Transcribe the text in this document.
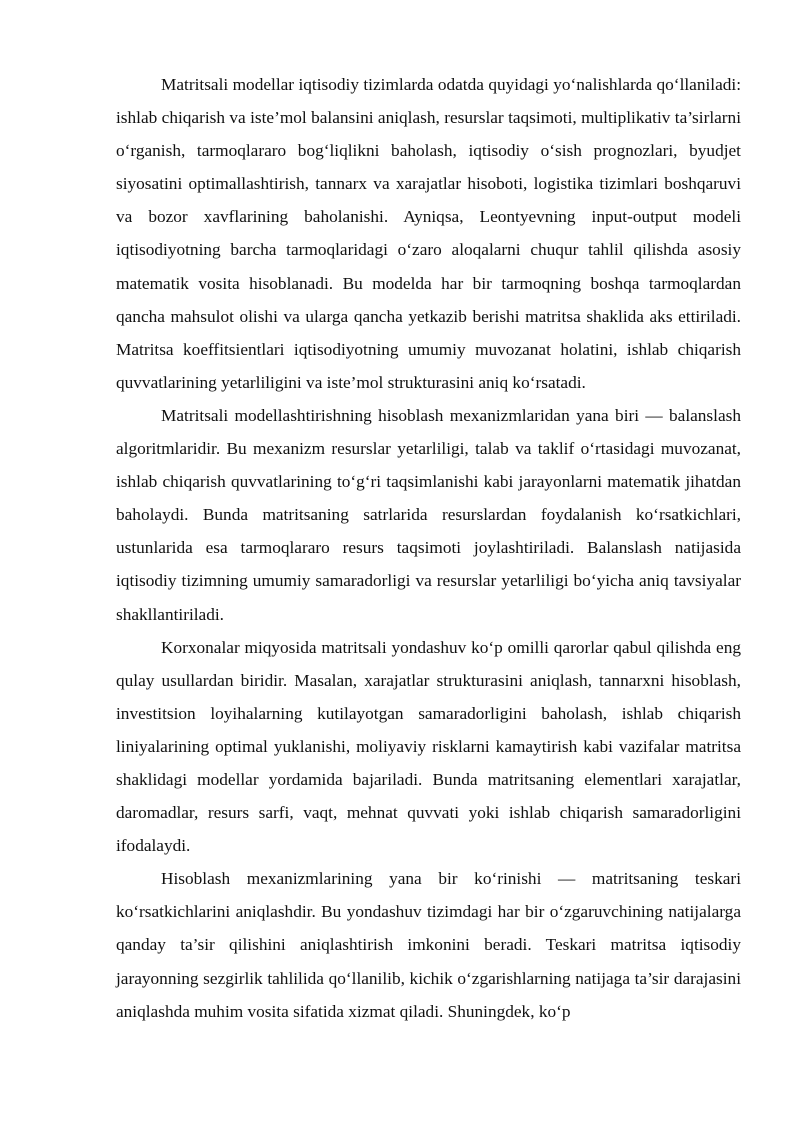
Matritsali modellar iqtisodiy tizimlarda odatda quyidagi yo‘nalishlarda qo‘llaniladi: ishlab chiqarish va iste’mol balansini aniqlash, resurslar taqsimoti, multiplikativ ta’sirlarni o‘rganish, tarmoqlararo bog‘liqlikni baholash, iqtisodiy o‘sish prognozlari, byudjet siyosatini optimallashtirish, tannarx va xarajatlar hisoboti, logistika tizimlari boshqaruvi va bozor xavflarining baholanishi. Ayniqsa, Leontyevning input-output modeli iqtisodiyotning barcha tarmoqlaridagi o‘zaro aloqalarni chuqur tahlil qilishda asosiy matematik vosita hisoblanadi. Bu modelda har bir tarmoqning boshqa tarmoqlardan qancha mahsulot olishi va ularga qancha yetkazib berishi matritsa shaklida aks ettiriladi. Matritsa koeffitsientlari iqtisodiyotning umumiy muvozanat holatini, ishlab chiqarish quvvatlarining yetarliligini va iste’mol strukturasini aniq ko‘rsatadi.

Matritsali modellashtirishning hisoblash mexanizmlaridan yana biri — balanslash algoritmlaridir. Bu mexanizm resurslar yetarliligi, talab va taklif o‘rtasidagi muvozanat, ishlab chiqarish quvvatlarining to‘g‘ri taqsimlanishi kabi jarayonlarni matematik jihatdan baholaydi. Bunda matritsaning satrlarida resurslardan foydalanish ko‘rsatkichlari, ustunlarida esa tarmoqlararo resurs taqsimoti joylashtiriladi. Balanslash natijasida iqtisodiy tizimning umumiy samaradorligi va resurslar yetarliligi bo‘yicha aniq tavsiyalar shakllantiriladi.

Korxonalar miqyosida matritsali yondashuv ko‘p omilli qarorlar qabul qilishda eng qulay usullardan biridir. Masalan, xarajatlar strukturasini aniqlash, tannarxni hisoblash, investitsion loyihalarning kutilayotgan samaradorligini baholash, ishlab chiqarish liniyalarining optimal yuklanishi, moliyaviy risklarni kamaytirish kabi vazifalar matritsa shaklidagi modellar yordamida bajariladi. Bunda matritsaning elementlari xarajatlar, daromadlar, resurs sarfi, vaqt, mehnat quvvati yoki ishlab chiqarish samaradorligini ifodalaydi.

Hisoblash mexanizmlarining yana bir ko‘rinishi — matritsaning teskari ko‘rsatkichlarini aniqlashdir. Bu yondashuv tizimdagi har bir o‘zgaruvchining natijalarga qanday ta’sir qilishini aniqlashtirish imkonini beradi. Teskari matritsa iqtisodiy jarayonning sezgirlik tahlilida qo‘llanilib, kichik o‘zgarishlarning natijaga ta’sir darajasini aniqlashda muhim vosita sifatida xizmat qiladi. Shuningdek, ko‘p
